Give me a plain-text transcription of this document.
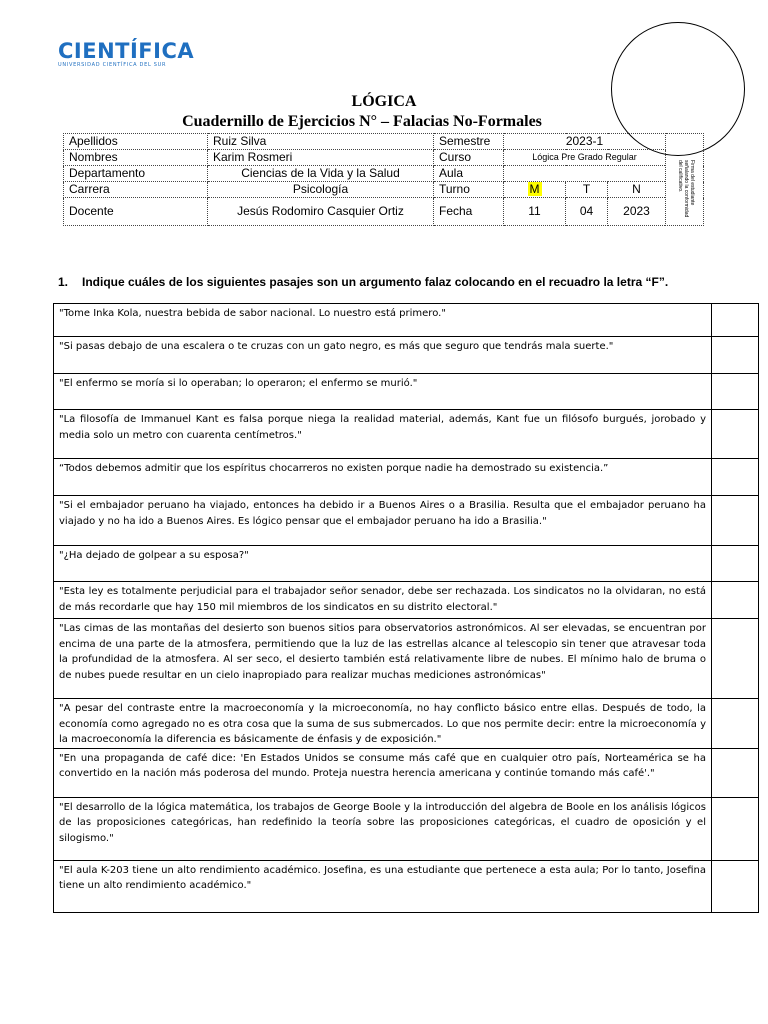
CIENTÍFICA
UNIVERSIDAD CIENTÍFICA DEL SUR
LÓGICA
Cuadernillo de Ejercicios N° – Falacias No-Formales
Apellidos	Ruiz Silva	Semestre	2023-1			Firma del estudiante señalando la conformidad del calificativo.

Nombres	Karim Rosmeri	Curso	Lógica Pre Grado Regular			
Departamento	Ciencias de la Vida y la Salud	Aula				
Carrera	Psicología	Turno	M	T	N	
Docente	Jesús Rodomiro Casquier Ortiz	Fecha	11	04	2023	
1. Indique cuáles de los siguientes pasajes son un argumento falaz colocando en el recuadro la letra “F”.
"Tome Inka Kola, nuestra bebida de sabor nacional. Lo nuestro está primero."	
"Si pasas debajo de una escalera o te cruzas con un gato negro, es más que seguro que tendrás mala suerte."	
"El enfermo se moría si lo operaban; lo operaron; el enfermo se murió."	
"La filosofía de Immanuel Kant es falsa porque niega la realidad material, además, Kant fue un filósofo burgués, jorobado y media solo un metro con cuarenta centímetros."	
“Todos debemos admitir que los espíritus chocarreros no existen porque nadie ha demostrado su existencia.”	
"Si el embajador peruano ha viajado, entonces ha debido ir a Buenos Aires o a Brasilia. Resulta que el embajador peruano ha viajado y no ha ido a Buenos Aires. Es lógico pensar que el embajador peruano ha ido a Brasilia."	
"¿Ha dejado de golpear a su esposa?"	
"Esta ley es totalmente perjudicial para el trabajador señor senador, debe ser rechazada. Los sindicatos no la olvidaran, no está de más recordarle que hay 150 mil miembros de los sindicatos en su distrito electoral."	
"Las cimas de las montañas del desierto son buenos sitios para observatorios astronómicos. Al ser elevadas, se encuentran por encima de una parte de la atmosfera, permitiendo que la luz de las estrellas alcance al telescopio sin tener que atravesar toda la profundidad de la atmosfera. Al ser seco, el desierto también está relativamente libre de nubes. El mínimo halo de bruma o de nubes puede resultar en un cielo inapropiado para realizar muchas mediciones astronómicas"	
"A pesar del contraste entre la macroeconomía y la microeconomía, no hay conflicto básico entre ellas. Después de todo, la economía como agregado no es otra cosa que la suma de sus submercados. Lo que nos permite decir: entre la microeconomía y la macroeconomía la diferencia es básicamente de énfasis y de exposición."	
"En una propaganda de café dice: 'En Estados Unidos se consume más café que en cualquier otro país, Norteamérica se ha convertido en la nación más poderosa del mundo. Proteja nuestra herencia americana y continúe tomando más café'."	
"El desarrollo de la lógica matemática, los trabajos de George Boole y la introducción del algebra de Boole en los análisis lógicos de las proposiciones categóricas, han redefinido la teoría sobre las proposiciones categóricas, el cuadro de oposición y el silogismo."	
"El aula K-203 tiene un alto rendimiento académico. Josefina, es una estudiante que pertenece a esta aula; Por lo tanto, Josefina tiene un alto rendimiento académico."	
